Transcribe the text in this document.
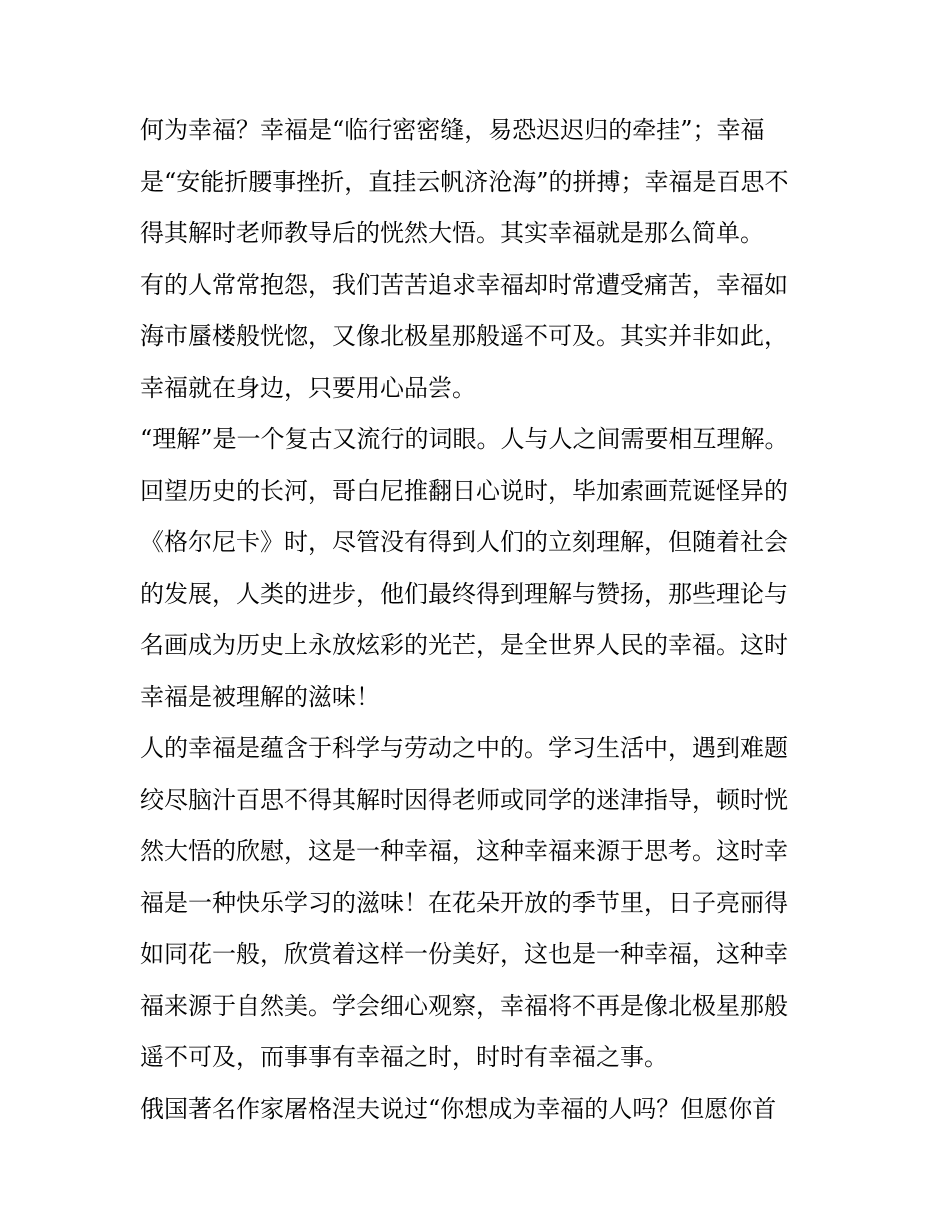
何为幸福？幸福是“临行密密缝，易恐迟迟归的牵挂”；幸福
是“安能折腰事挫折，直挂云帆济沧海”的拼搏；幸福是百思不
得其解时老师教导后的恍然大悟。其实幸福就是那么简单。
有的人常常抱怨，我们苦苦追求幸福却时常遭受痛苦，幸福如
海市蜃楼般恍惚，又像北极星那般遥不可及。其实并非如此，
幸福就在身边，只要用心品尝。
“理解”是一个复古又流行的词眼。人与人之间需要相互理解。
回望历史的长河，哥白尼推翻日心说时，毕加索画荒诞怪异的
《格尔尼卡》时，尽管没有得到人们的立刻理解，但随着社会
的发展，人类的进步，他们最终得到理解与赞扬，那些理论与
名画成为历史上永放炫彩的光芒，是全世界人民的幸福。这时
幸福是被理解的滋味！
人的幸福是蕴含于科学与劳动之中的。学习生活中，遇到难题
绞尽脑汁百思不得其解时因得老师或同学的迷津指导，顿时恍
然大悟的欣慰，这是一种幸福，这种幸福来源于思考。这时幸
福是一种快乐学习的滋味！在花朵开放的季节里，日子亮丽得
如同花一般，欣赏着这样一份美好，这也是一种幸福，这种幸
福来源于自然美。学会细心观察，幸福将不再是像北极星那般
遥不可及，而事事有幸福之时，时时有幸福之事。
俄国著名作家屠格涅夫说过“你想成为幸福的人吗？但愿你首
